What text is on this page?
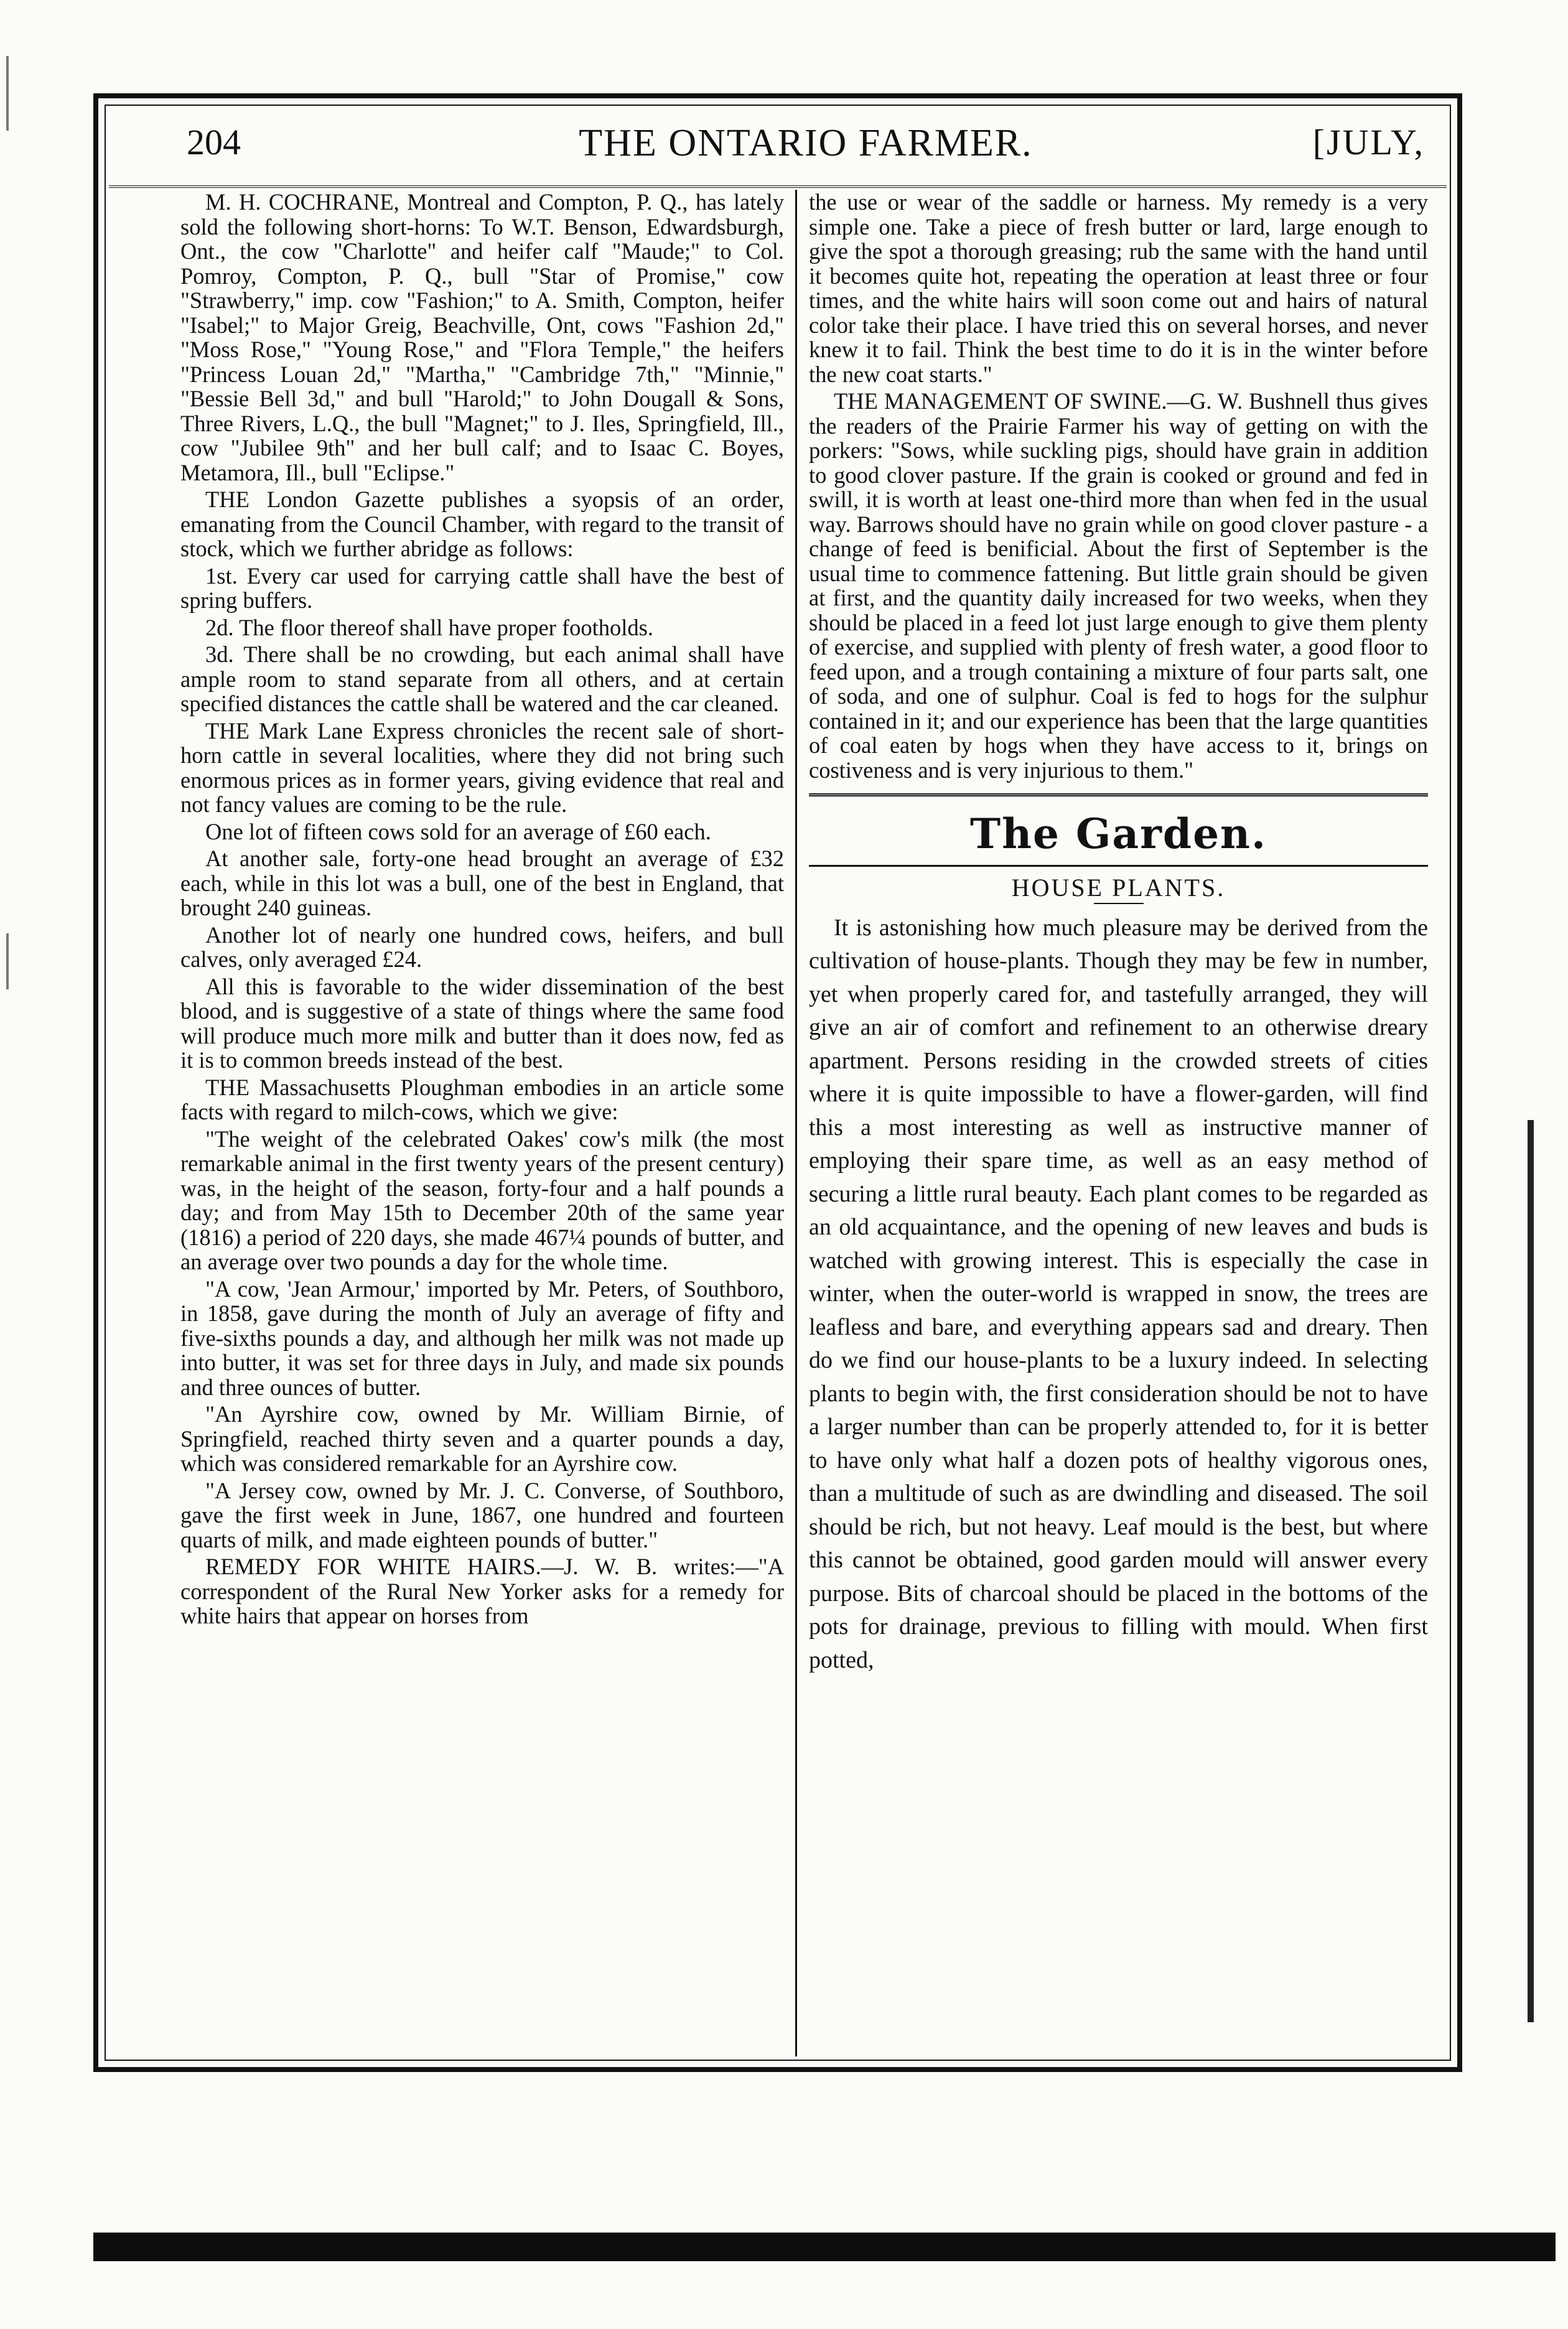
204	THE ONTARIO FARMER.	[JULY,

M. H. COCHRANE, Montreal and Compton, P. Q., has lately sold the following short-horns: To W.T. Benson, Edwardsburgh, Ont., the cow "Charlotte" and heifer calf "Maude;" to Col. Pomroy, Compton, P. Q., bull "Star of Promise," cow "Strawberry," imp. cow "Fashion;" to A. Smith, Compton, heifer "Isabel;" to Major Greig, Beachville, Ont, cows "Fashion 2d," "Moss Rose," "Young Rose," and "Flora Temple," the heifers "Princess Louan 2d," "Martha," "Cambridge 7th," "Minnie," "Bessie Bell 3d," and bull "Harold;" to John Dougall & Sons, Three Rivers, L.Q., the bull "Magnet;" to J. Iles, Springfield, Ill., cow "Jubilee 9th" and her bull calf; and to Isaac C. Boyes, Metamora, Ill., bull "Eclipse."

THE London Gazette publishes a syopsis of an order, emanating from the Council Chamber, with regard to the transit of stock, which we further abridge as follows:

1st. Every car used for carrying cattle shall have the best of spring buffers.

2d. The floor thereof shall have proper footholds.

3d. There shall be no crowding, but each animal shall have ample room to stand separate from all others, and at certain specified distances the cattle shall be watered and the car cleaned.

THE Mark Lane Express chronicles the recent sale of short-horn cattle in several localities, where they did not bring such enormous prices as in former years, giving evidence that real and not fancy values are coming to be the rule.

One lot of fifteen cows sold for an average of £60 each.

At another sale, forty-one head brought an average of £32 each, while in this lot was a bull, one of the best in England, that brought 240 guineas.

Another lot of nearly one hundred cows, heifers, and bull calves, only averaged £24.

All this is favorable to the wider dissemination of the best blood, and is suggestive of a state of things where the same food will produce much more milk and butter than it does now, fed as it is to common breeds instead of the best.

THE Massachusetts Ploughman embodies in an article some facts with regard to milch-cows, which we give:

"The weight of the celebrated Oakes' cow's milk (the most remarkable animal in the first twenty years of the present century) was, in the height of the season, forty-four and a half pounds a day; and from May 15th to December 20th of the same year (1816) a period of 220 days, she made 467¼ pounds of butter, and an average over two pounds a day for the whole time.

"A cow, 'Jean Armour,' imported by Mr. Peters, of Southboro, in 1858, gave during the month of July an average of fifty and five-sixths pounds a day, and although her milk was not made up into butter, it was set for three days in July, and made six pounds and three ounces of butter.

"An Ayrshire cow, owned by Mr. William Birnie, of Springfield, reached thirty seven and a quarter pounds a day, which was considered remarkable for an Ayrshire cow.

"A Jersey cow, owned by Mr. J. C. Converse, of Southboro, gave the first week in June, 1867, one hundred and fourteen quarts of milk, and made eighteen pounds of butter."

REMEDY FOR WHITE HAIRS.—J. W. B. writes:—"A correspondent of the Rural New Yorker asks for a remedy for white hairs that appear on horses from

the use or wear of the saddle or harness. My remedy is a very simple one. Take a piece of fresh butter or lard, large enough to give the spot a thorough greasing; rub the same with the hand until it becomes quite hot, repeating the operation at least three or four times, and the white hairs will soon come out and hairs of natural color take their place. I have tried this on several horses, and never knew it to fail. Think the best time to do it is in the winter before the new coat starts."

THE MANAGEMENT OF SWINE.—G. W. Bushnell thus gives the readers of the Prairie Farmer his way of getting on with the porkers: "Sows, while suckling pigs, should have grain in addition to good clover pasture. If the grain is cooked or ground and fed in swill, it is worth at least one-third more than when fed in the usual way. Barrows should have no grain while on good clover pasture - a change of feed is benificial. About the first of September is the usual time to commence fattening. But little grain should be given at first, and the quantity daily increased for two weeks, when they should be placed in a feed lot just large enough to give them plenty of exercise, and supplied with plenty of fresh water, a good floor to feed upon, and a trough containing a mixture of four parts salt, one of soda, and one of sulphur. Coal is fed to hogs for the sulphur contained in it; and our experience has been that the large quantities of coal eaten by hogs when they have access to it, brings on costiveness and is very injurious to them."

The Garden.
HOUSE PLANTS.

It is astonishing how much pleasure may be derived from the cultivation of house-plants. Though they may be few in number, yet when properly cared for, and tastefully arranged, they will give an air of comfort and refinement to an otherwise dreary apartment. Persons residing in the crowded streets of cities where it is quite impossible to have a flower-garden, will find this a most interesting as well as instructive manner of employing their spare time, as well as an easy method of securing a little rural beauty. Each plant comes to be regarded as an old acquaintance, and the opening of new leaves and buds is watched with growing interest. This is especially the case in winter, when the outer-world is wrapped in snow, the trees are leafless and bare, and everything appears sad and dreary. Then do we find our house-plants to be a luxury indeed. In selecting plants to begin with, the first consideration should be not to have a larger number than can be properly attended to, for it is better to have only what half a dozen pots of healthy vigorous ones, than a multitude of such as are dwindling and diseased. The soil should be rich, but not heavy. Leaf mould is the best, but where this cannot be obtained, good garden mould will answer every purpose. Bits of charcoal should be placed in the bottoms of the pots for drainage, previous to filling with mould. When first potted,
